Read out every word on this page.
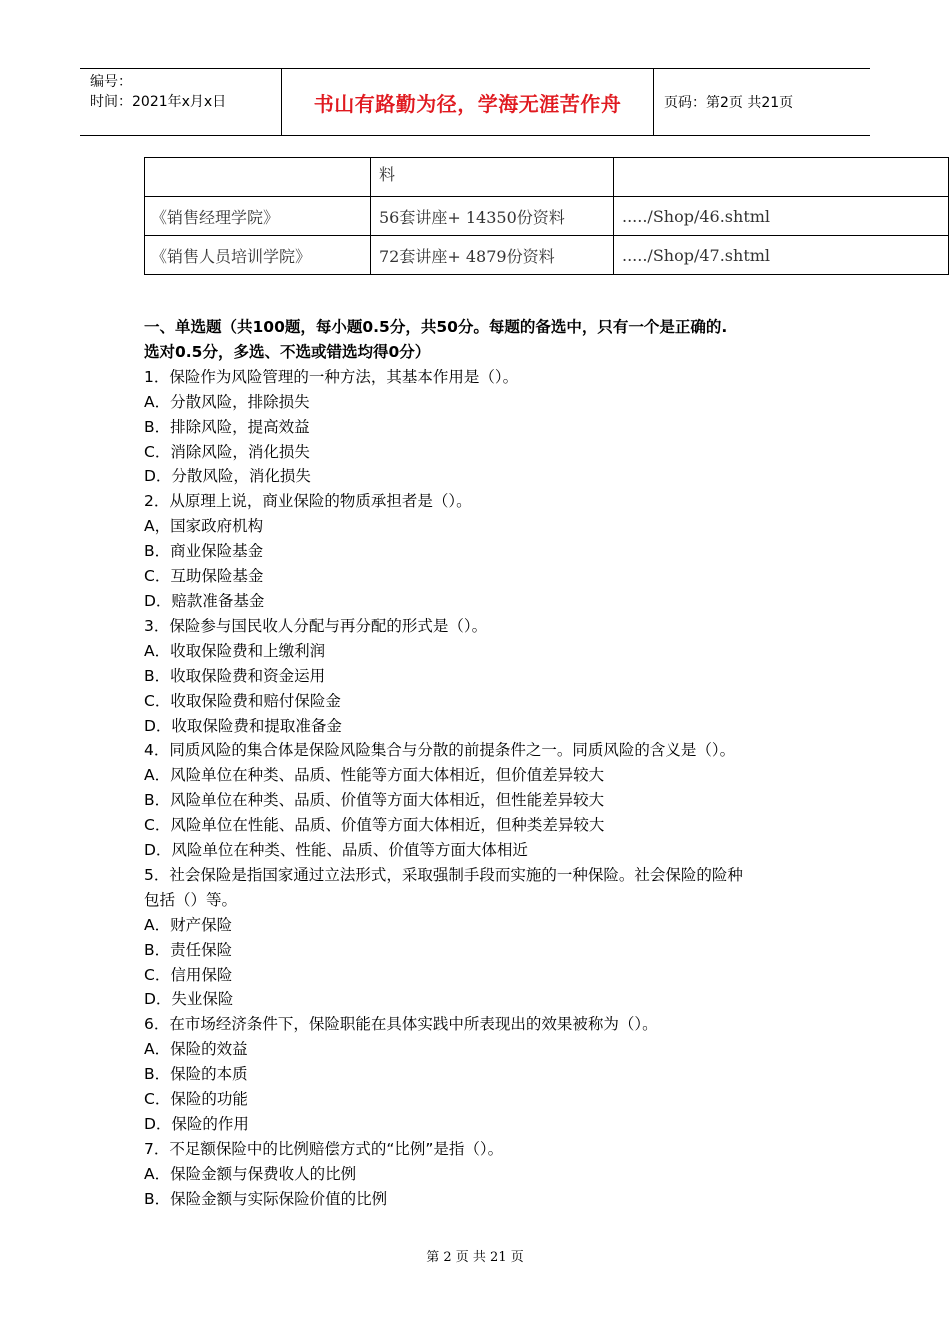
编号：
时间：2021年x月x日	书山有路勤为径，学海无涯苦作舟	页码：第2页 共21页
	料	
《销售经理学院》	56套讲座+ 14350份资料	...../Shop/46.shtml
《销售人员培训学院》	72套讲座+ 4879份资料	...../Shop/47.shtml
一、单选题（共100题，每小题0.5分，共50分。每题的备选中，只有一个是正确的.
选对0.5分，多选、不选或错选均得0分）
1．保险作为风险管理的一种方法，其基本作用是（）。
A．分散风险，排除损失
B．排除风险，提高效益
C．消除风险，消化损失
D．分散风险，消化损失
2．从原理上说，商业保险的物质承担者是（）。
A，国家政府机构
B．商业保险基金
C．互助保险基金
D．赔款准备基金
3．保险参与国民收人分配与再分配的形式是（）。
A．收取保险费和上缴利润
B．收取保险费和资金运用
C．收取保险费和赔付保险金
D．收取保险费和提取准备金
4．同质风险的集合体是保险风险集合与分散的前提条件之一。同质风险的含义是（）。
A．风险单位在种类、品质、性能等方面大体相近，但价值差异较大
B．风险单位在种类、品质、价值等方面大体相近，但性能差异较大
C．风险单位在性能、品质、价值等方面大体相近，但种类差异较大
D．风险单位在种类、性能、品质、价值等方面大体相近
5．社会保险是指国家通过立法形式，采取强制手段而实施的一种保险。社会保险的险种
包括（）等。
A．财产保险
B．责任保险
C．信用保险
D．失业保险
6．在市场经济条件下，保险职能在具体实践中所表现出的效果被称为（）。
A．保险的效益
B．保险的本质
C．保险的功能
D．保险的作用
7．不足额保险中的比例赔偿方式的“比例”是指（）。
A．保险金额与保费收人的比例
B．保险金额与实际保险价值的比例
第 2 页 共 21 页
